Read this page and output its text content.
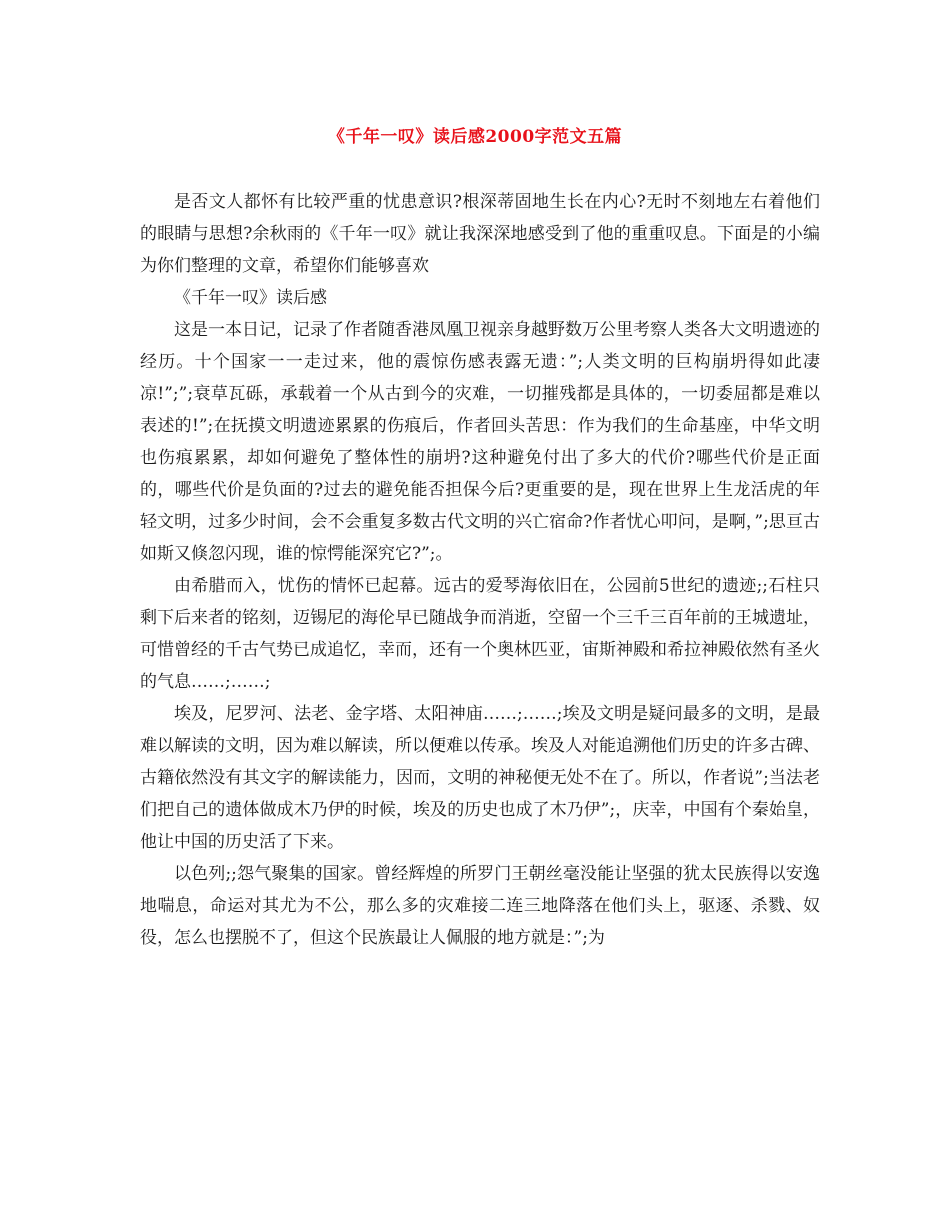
《千年一叹》读后感2000字范文五篇

是否文人都怀有比较严重的忧患意识?根深蒂固地生长在内心?无时不刻地左右着他们的眼睛与思想?余秋雨的《千年一叹》就让我深深地感受到了他的重重叹息。下面是的小编为你们整理的文章，希望你们能够喜欢

《千年一叹》读后感

这是一本日记，记录了作者随香港凤凰卫视亲身越野数万公里考察人类各大文明遗迹的经历。十个国家一一走过来，他的震惊伤感表露无遗：”;人类文明的巨构崩坍得如此凄凉!”;”;衰草瓦砾，承载着一个从古到今的灾难，一切摧残都是具体的，一切委屈都是难以表述的!”;在抚摸文明遗迹累累的伤痕后，作者回头苦思：作为我们的生命基座，中华文明也伤痕累累，却如何避免了整体性的崩坍?这种避免付出了多大的代价?哪些代价是正面的，哪些代价是负面的?过去的避免能否担保今后?更重要的是，现在世界上生龙活虎的年轻文明，过多少时间，会不会重复多数古代文明的兴亡宿命?作者忧心叩问，是啊，”;思亘古如斯又倏忽闪现，谁的惊愕能深究它?”;。

由希腊而入，忧伤的情怀已起幕。远古的爱琴海依旧在，公园前5世纪的遗迹;;石柱只剩下后来者的铭刻，迈锡尼的海伦早已随战争而消逝，空留一个三千三百年前的王城遗址，可惜曾经的千古气势已成追忆，幸而，还有一个奥林匹亚，宙斯神殿和希拉神殿依然有圣火的气息……;……;

埃及，尼罗河、法老、金字塔、太阳神庙……;……;埃及文明是疑问最多的文明，是最难以解读的文明，因为难以解读，所以便难以传承。埃及人对能追溯他们历史的许多古碑、古籍依然没有其文字的解读能力，因而，文明的神秘便无处不在了。所以，作者说”;当法老们把自己的遗体做成木乃伊的时候，埃及的历史也成了木乃伊”;，庆幸，中国有个秦始皇，他让中国的历史活了下来。

以色列;;怨气聚集的国家。曾经辉煌的所罗门王朝丝毫没能让坚强的犹太民族得以安逸地喘息，命运对其尤为不公，那么多的灾难接二连三地降落在他们头上，驱逐、杀戮、奴役，怎么也摆脱不了，但这个民族最让人佩服的地方就是：”;为
